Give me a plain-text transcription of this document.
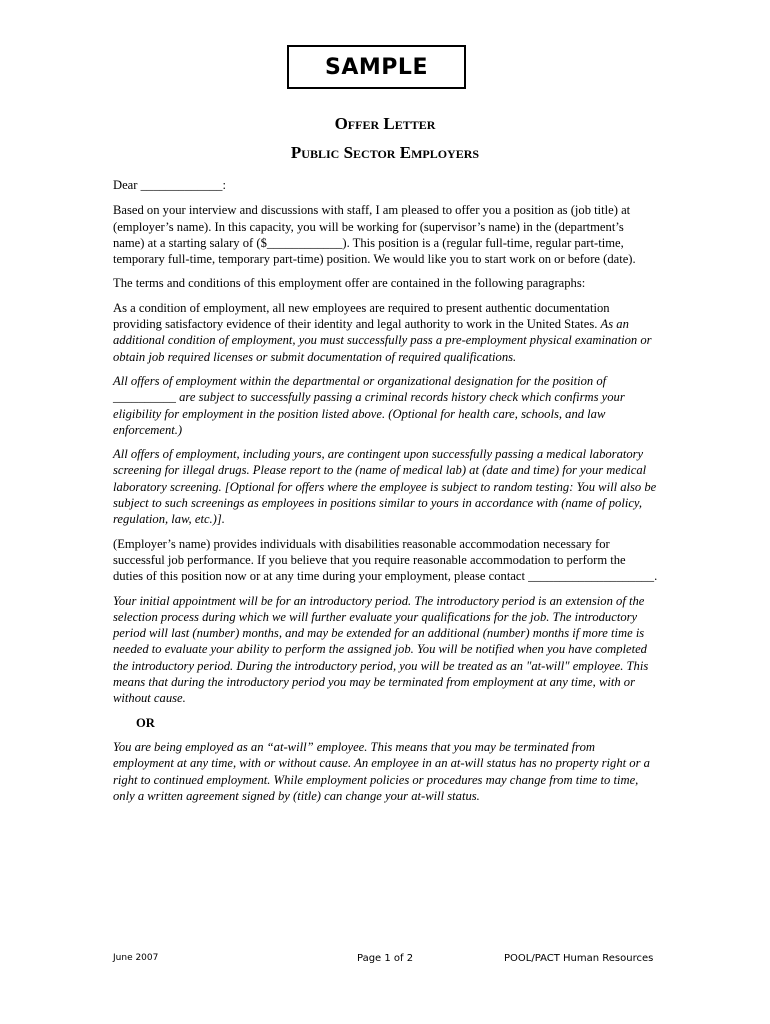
SAMPLE
Offer Letter
Public Sector Employers

Dear _____________:

Based on your interview and discussions with staff, I am pleased to offer you a position as (job title) at (employer’s name). In this capacity, you will be working for (supervisor’s name) in the (department’s name) at a starting salary of ($____________). This position is a (regular full-time, regular part-time, temporary full-time, temporary part-time) position. We would like you to start work on or before (date).

The terms and conditions of this employment offer are contained in the following paragraphs:

As a condition of employment, all new employees are required to present authentic documentation providing satisfactory evidence of their identity and legal authority to work in the United States. As an additional condition of employment, you must successfully pass a pre-employment physical examination or obtain job required licenses or submit documentation of required qualifications.

All offers of employment within the departmental or organizational designation for the position of __________ are subject to successfully passing a criminal records history check which confirms your eligibility for employment in the position listed above. (Optional for health care, schools, and law enforcement.)

All offers of employment, including yours, are contingent upon successfully passing a medical laboratory screening for illegal drugs. Please report to the (name of medical lab) at (date and time) for your medical laboratory screening. [Optional for offers where the employee is subject to random testing: You will also be subject to such screenings as employees in positions similar to yours in accordance with (name of policy, regulation, law, etc.)].

(Employer’s name) provides individuals with disabilities reasonable accommodation necessary for successful job performance. If you believe that you require reasonable accommodation to perform the duties of this position now or at any time during your employment, please contact ____________________.

Your initial appointment will be for an introductory period. The introductory period is an extension of the selection process during which we will further evaluate your qualifications for the job. The introductory period will last (number) months, and may be extended for an additional (number) months if more time is needed to evaluate your ability to perform the assigned job. You will be notified when you have completed the introductory period. During the introductory period, you will be treated as an "at-will" employee. This means that during the introductory period you may be terminated from employment at any time, with or without cause.

OR

You are being employed as an “at-will” employee. This means that you may be terminated from employment at any time, with or without cause. An employee in an at-will status has no property right or a right to continued employment. While employment policies or procedures may change from time to time, only a written agreement signed by (title) can change your at-will status.

June 2007	Page 1 of 2	POOL/PACT Human Resources
